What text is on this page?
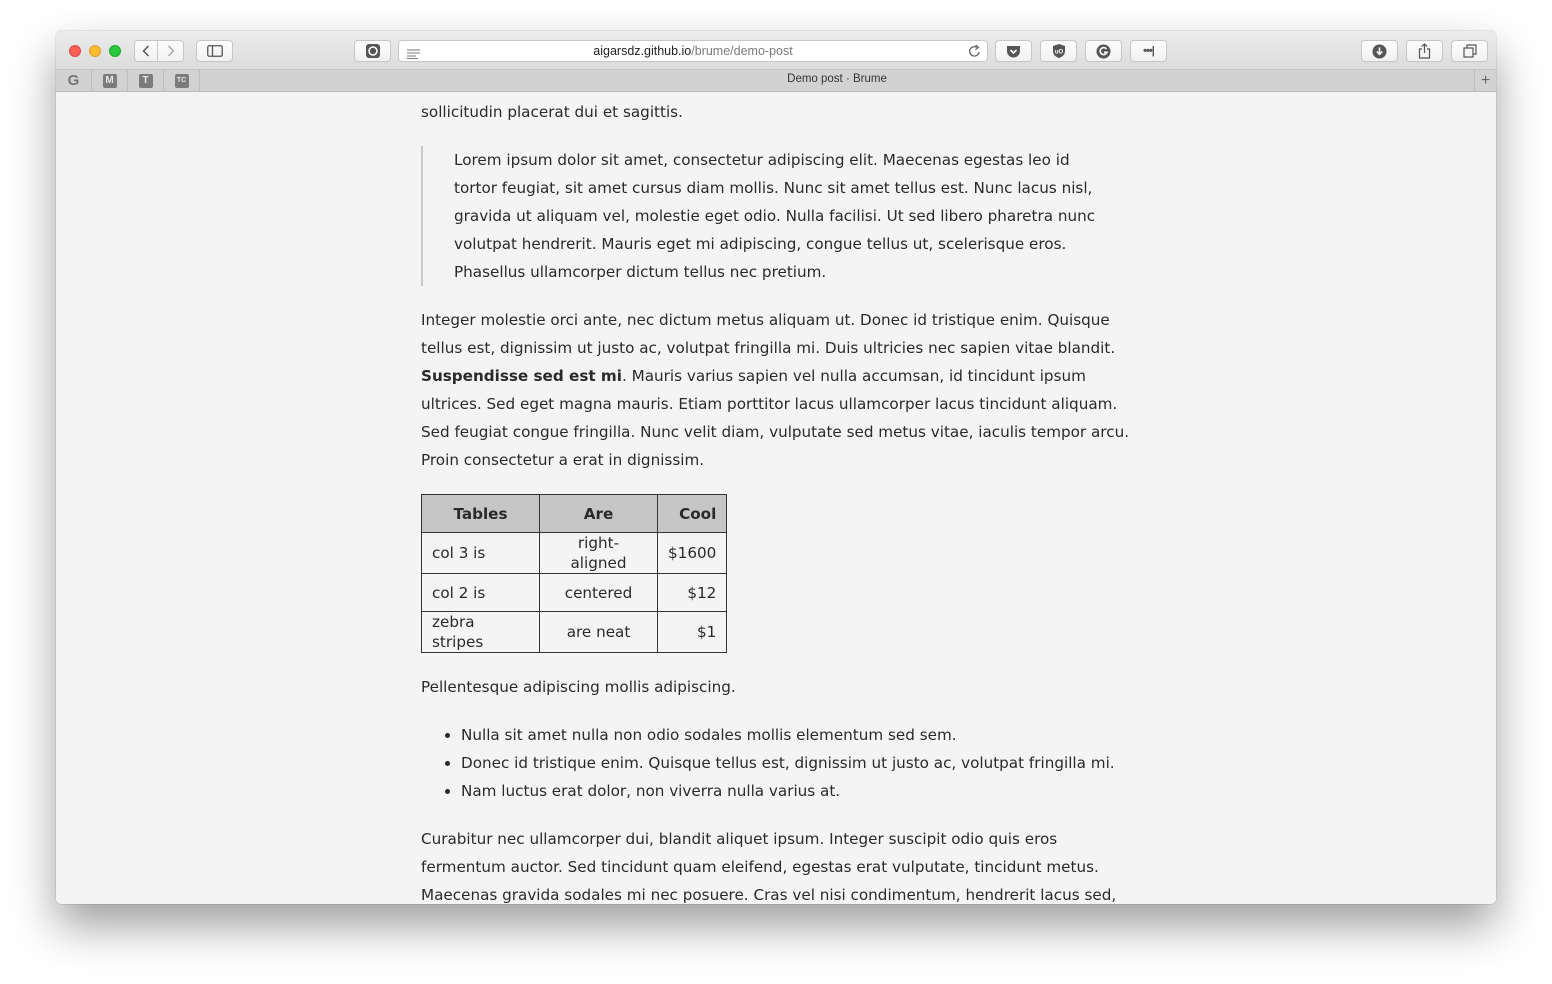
aigarsdz.github.io/brume/demo-post	uO	•••|
G	M	T	TC	Demo post · Brume	+

sollicitudin placerat dui et sagittis.

Lorem ipsum dolor sit amet, consectetur adipiscing elit. Maecenas egestas leo id tortor feugiat, sit amet cursus diam mollis. Nunc sit amet tellus est. Nunc lacus nisl, gravida ut aliquam vel, molestie eget odio. Nulla facilisi. Ut sed libero pharetra nunc volutpat hendrerit. Mauris eget mi adipiscing, congue tellus ut, scelerisque eros. Phasellus ullamcorper dictum tellus nec pretium.

Integer molestie orci ante, nec dictum metus aliquam ut. Donec id tristique enim. Quisque tellus est, dignissim ut justo ac, volutpat fringilla mi. Duis ultricies nec sapien vitae blandit. Suspendisse sed est mi. Mauris varius sapien vel nulla accumsan, id tincidunt ipsum ultrices. Sed eget magna mauris. Etiam porttitor lacus ullamcorper lacus tincidunt aliquam. Sed feugiat congue fringilla. Nunc velit diam, vulputate sed metus vitae, iaculis tempor arcu. Proin consectetur a erat in dignissim.

Tables	Are	Cool
col 3 is	right-aligned	$1600
col 2 is	centered	$12
zebra stripes	are neat	$1

Pellentesque adipiscing mollis adipiscing.

• Nulla sit amet nulla non odio sodales mollis elementum sed sem.
• Donec id tristique enim. Quisque tellus est, dignissim ut justo ac, volutpat fringilla mi.
• Nam luctus erat dolor, non viverra nulla varius at.

Curabitur nec ullamcorper dui, blandit aliquet ipsum. Integer suscipit odio quis eros fermentum auctor. Sed tincidunt quam eleifend, egestas erat vulputate, tincidunt metus. Maecenas gravida sodales mi nec posuere. Cras vel nisi condimentum, hendrerit lacus sed,
